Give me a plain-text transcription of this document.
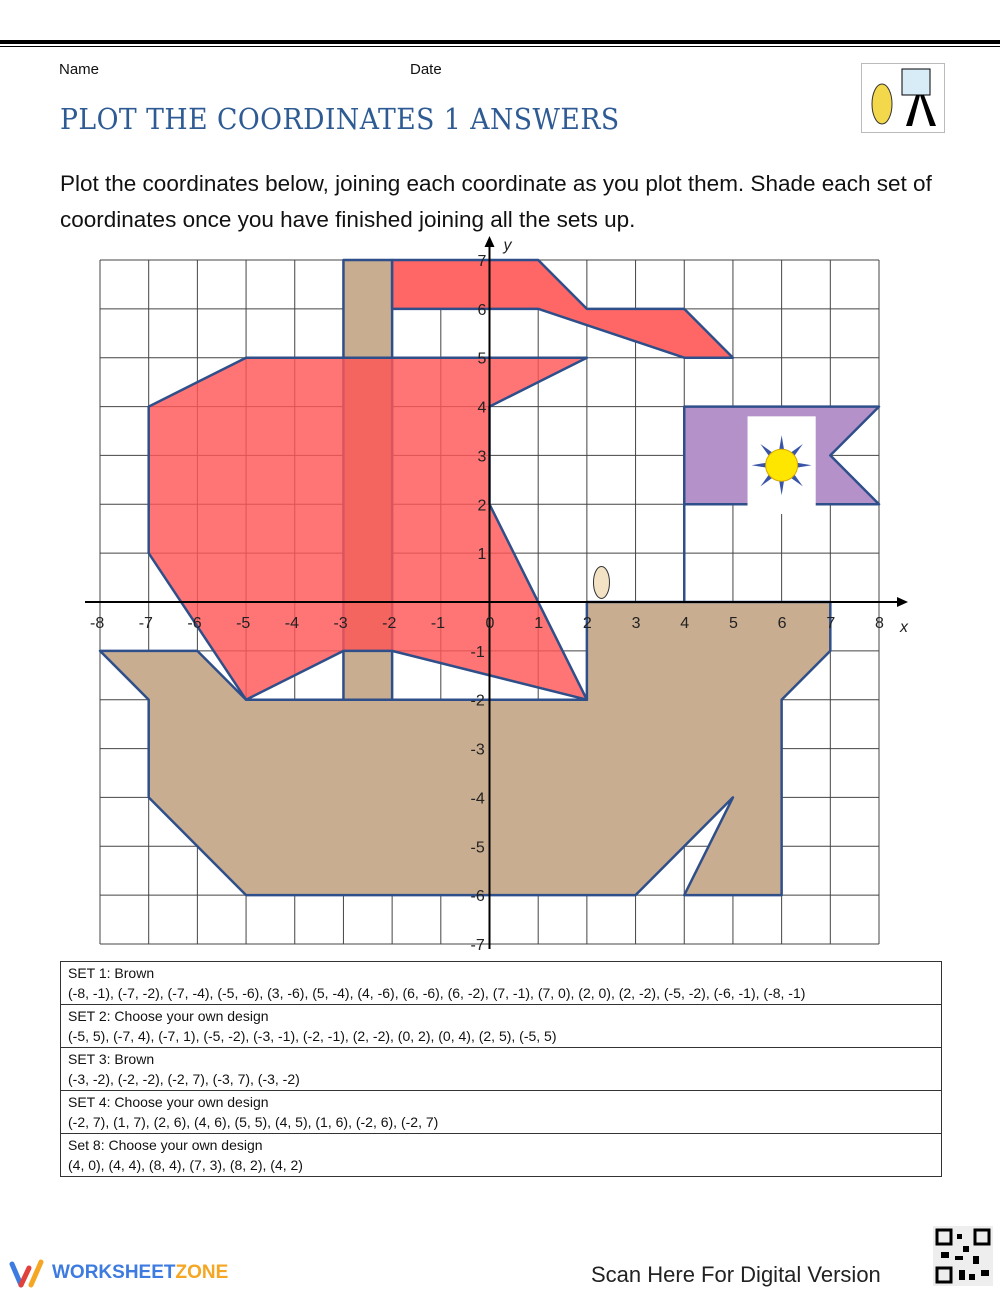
Name	Date
PLOT THE COORDINATES 1 ANSWERS
Plot the coordinates below, joining each coordinate as you plot them. Shade each set of coordinates once you have finished joining all the sets up.
-8 -7 -6 -5 -4 -3 -2 -1	0 1 2 3 4 5 6 7 8
7
6
5
4
3
2
1
-1
-2
-3
-4
-5
-6
-7
x
y
SET 1: Brown
(-8, -1), (-7, -2), (-7, -4), (-5, -6), (3, -6), (5, -4), (4, -6), (6, -6), (6, -2), (7, -1), (7, 0), (2, 0), (2, -2), (-5, -2), (-6, -1), (-8, -1)

SET 2: Choose your own design
(-5, 5), (-7, 4), (-7, 1), (-5, -2), (-3, -1), (-2, -1), (2, -2), (0, 2), (0, 4), (2, 5), (-5, 5)

SET 3: Brown
(-3, -2), (-2, -2), (-2, 7), (-3, 7), (-3, -2)

SET 4: Choose your own design
(-2, 7), (1, 7), (2, 6), (4, 6), (5, 5), (4, 5), (1, 6), (-2, 6), (-2, 7)

Set 8: Choose your own design
(4, 0), (4, 4), (8, 4), (7, 3), (8, 2), (4, 2)
WORKSHEETZONE	Scan Here For Digital Version
